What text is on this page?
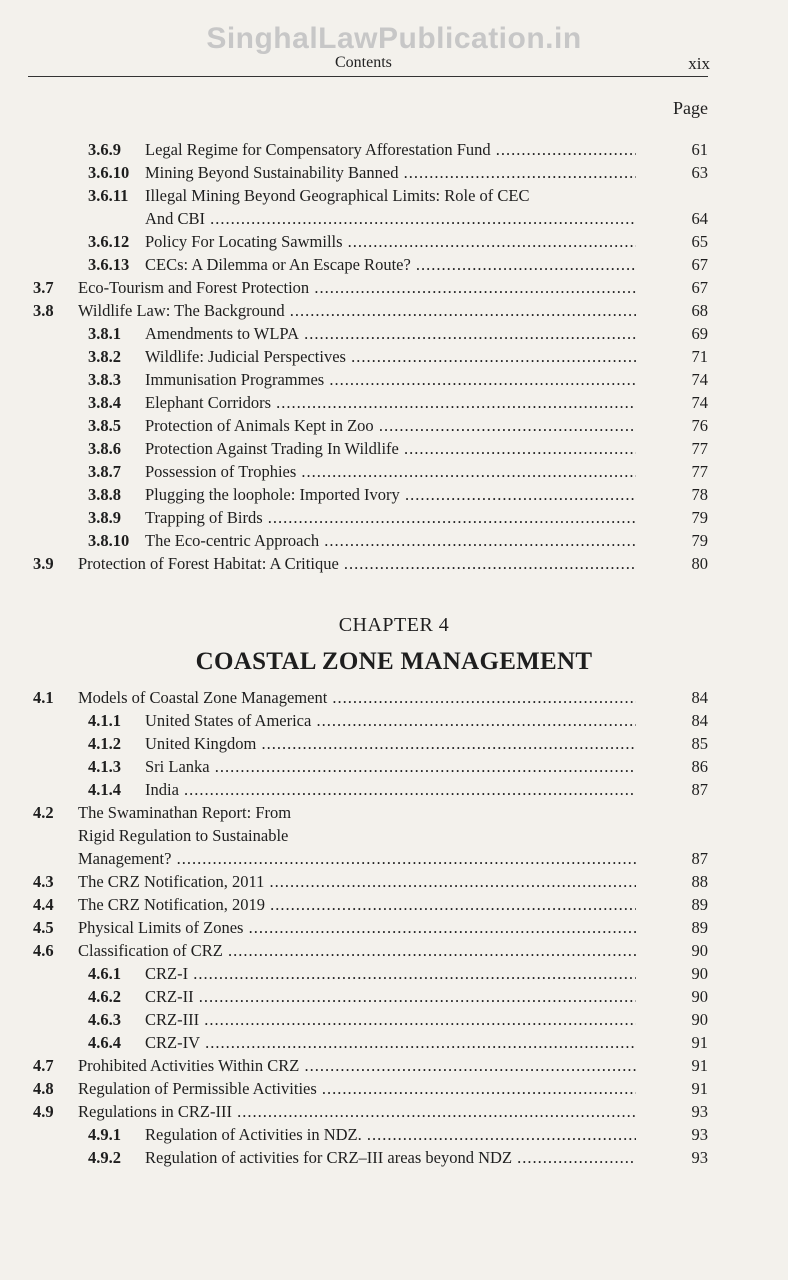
SinghalLawPublication.in
Contents	xix
Page
3.6.9 Legal Regime for Compensatory Afforestation Fund .....	61
3.6.10 Mining Beyond Sustainability Banned .....	63
3.6.11 Illegal Mining Beyond Geographical Limits: Role of CEC
And CBI .....	64
3.6.12 Policy For Locating Sawmills .....	65
3.6.13 CECs: A Dilemma or An Escape Route? .....	67
3.7 Eco-Tourism and Forest Protection .....	67
3.8 Wildlife Law: The Background .....	68
3.8.1 Amendments to WLPA .....	69
3.8.2 Wildlife: Judicial Perspectives .....	71
3.8.3 Immunisation Programmes .....	74
3.8.4 Elephant Corridors .....	74
3.8.5 Protection of Animals Kept in Zoo .....	76
3.8.6 Protection Against Trading In Wildlife .....	77
3.8.7 Possession of Trophies .....	77
3.8.8 Plugging the loophole: Imported Ivory .....	78
3.8.9 Trapping of Birds .....	79
3.8.10 The Eco-centric Approach .....	79
3.9 Protection of Forest Habitat: A Critique .....	80
CHAPTER 4
COASTAL ZONE MANAGEMENT
4.1 Models of Coastal Zone Management .....	84
4.1.1 United States of America .....	84
4.1.2 United Kingdom .....	85
4.1.3 Sri Lanka .....	86
4.1.4 India .....	87
4.2 The Swaminathan Report: From
Rigid Regulation to Sustainable
Management? .....	87
4.3 The CRZ Notification, 2011 .....	88
4.4 The CRZ Notification, 2019 .....	89
4.5 Physical Limits of Zones .....	89
4.6 Classification of CRZ .....	90
4.6.1 CRZ-I .....	90
4.6.2 CRZ-II .....	90
4.6.3 CRZ-III .....	90
4.6.4 CRZ-IV .....	91
4.7 Prohibited Activities Within CRZ .....	91
4.8 Regulation of Permissible Activities .....	91
4.9 Regulations in CRZ-III .....	93
4.9.1 Regulation of Activities in NDZ. .....	93
4.9.2 Regulation of activities for CRZ–III areas beyond NDZ .....	93
